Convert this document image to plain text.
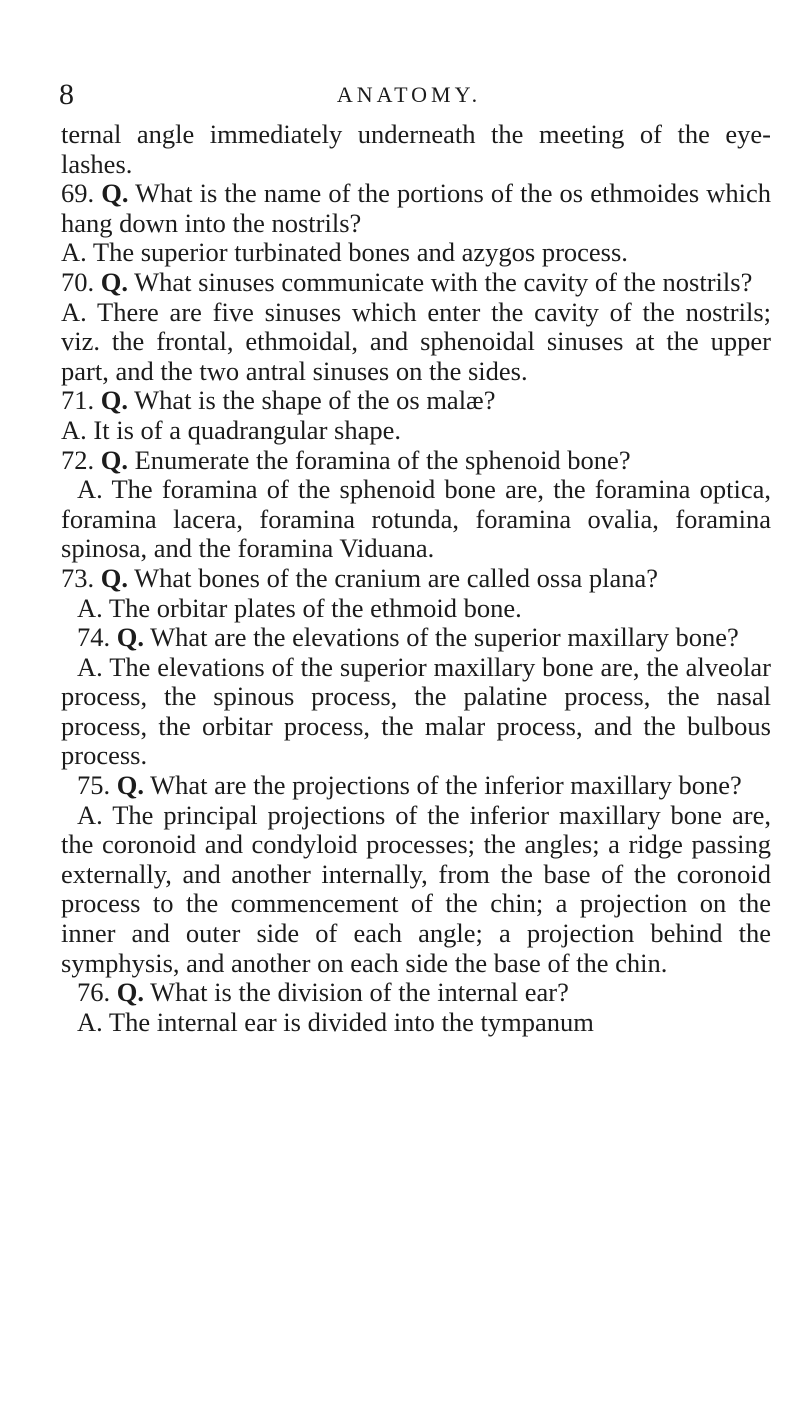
8	ANATOMY.

ternal angle immediately underneath the meeting of the eye-lashes.

69. Q. What is the name of the portions of the os ethmoides which hang down into the nostrils?

A. The superior turbinated bones and azygos process.

70. Q. What sinuses communicate with the cavity of the nostrils?

A. There are five sinuses which enter the cavity of the nostrils; viz. the frontal, ethmoidal, and sphenoidal sinuses at the upper part, and the two antral sinuses on the sides.

71. Q. What is the shape of the os malæ?

A. It is of a quadrangular shape.

72. Q. Enumerate the foramina of the sphenoid bone?

A. The foramina of the sphenoid bone are, the foramina optica, foramina lacera, foramina rotunda, foramina ovalia, foramina spinosa, and the foramina Viduana.

73. Q. What bones of the cranium are called ossa plana?

A. The orbitar plates of the ethmoid bone.

74. Q. What are the elevations of the superior maxillary bone?

A. The elevations of the superior maxillary bone are, the alveolar process, the spinous process, the palatine process, the nasal process, the orbitar process, the malar process, and the bulbous process.

75. Q. What are the projections of the inferior maxillary bone?

A. The principal projections of the inferior maxillary bone are, the coronoid and condyloid processes; the angles; a ridge passing externally, and another internally, from the base of the coronoid process to the commencement of the chin; a projection on the inner and outer side of each angle; a projection behind the symphysis, and another on each side the base of the chin.

76. Q. What is the division of the internal ear?

A. The internal ear is divided into the tympanum
